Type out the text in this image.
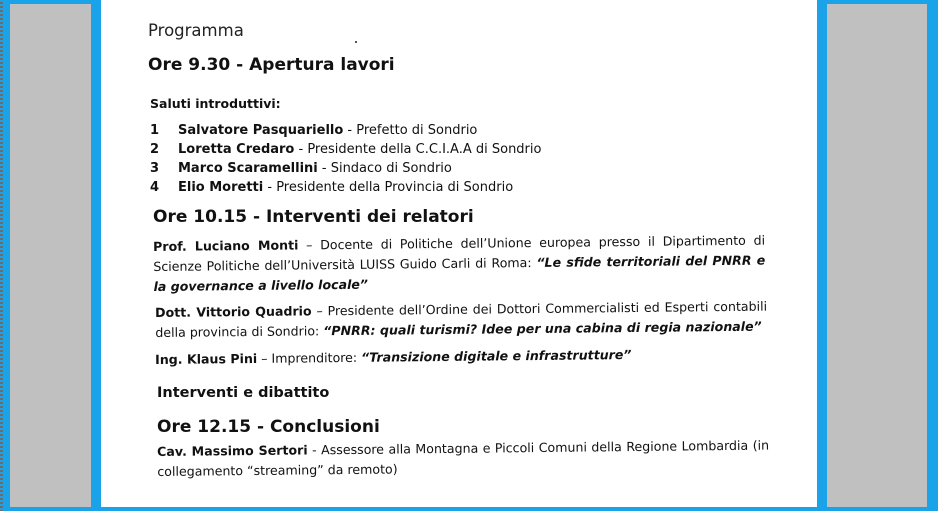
Programma
Ore 9.30 - Apertura lavori
Saluti introduttivi:
1	Salvatore Pasquariello - Prefetto di Sondrio
2	Loretta Credaro - Presidente della C.C.I.A.A di Sondrio
3	Marco Scaramellini - Sindaco di Sondrio
4	Elio Moretti - Presidente della Provincia di Sondrio
Ore 10.15 - Interventi dei relatori

Prof. Luciano Monti – Docente di Politiche dell’Unione europea presso il Dipartimento di Scienze Politiche dell’Università LUISS Guido Carli di Roma: “Le sfide territoriali del PNRR e la governance a livello locale”

Dott. Vittorio Quadrio – Presidente dell’Ordine dei Dottori Commercialisti ed Esperti contabili della provincia di Sondrio: “PNRR: quali turismi? Idee per una cabina di regia nazionale”

Ing. Klaus Pini – Imprenditore: “Transizione digitale e infrastrutture”

Interventi e dibattito
Ore 12.15 - Conclusioni

Cav. Massimo Sertori - Assessore alla Montagna e Piccoli Comuni della Regione Lombardia (in collegamento “streaming” da remoto)
